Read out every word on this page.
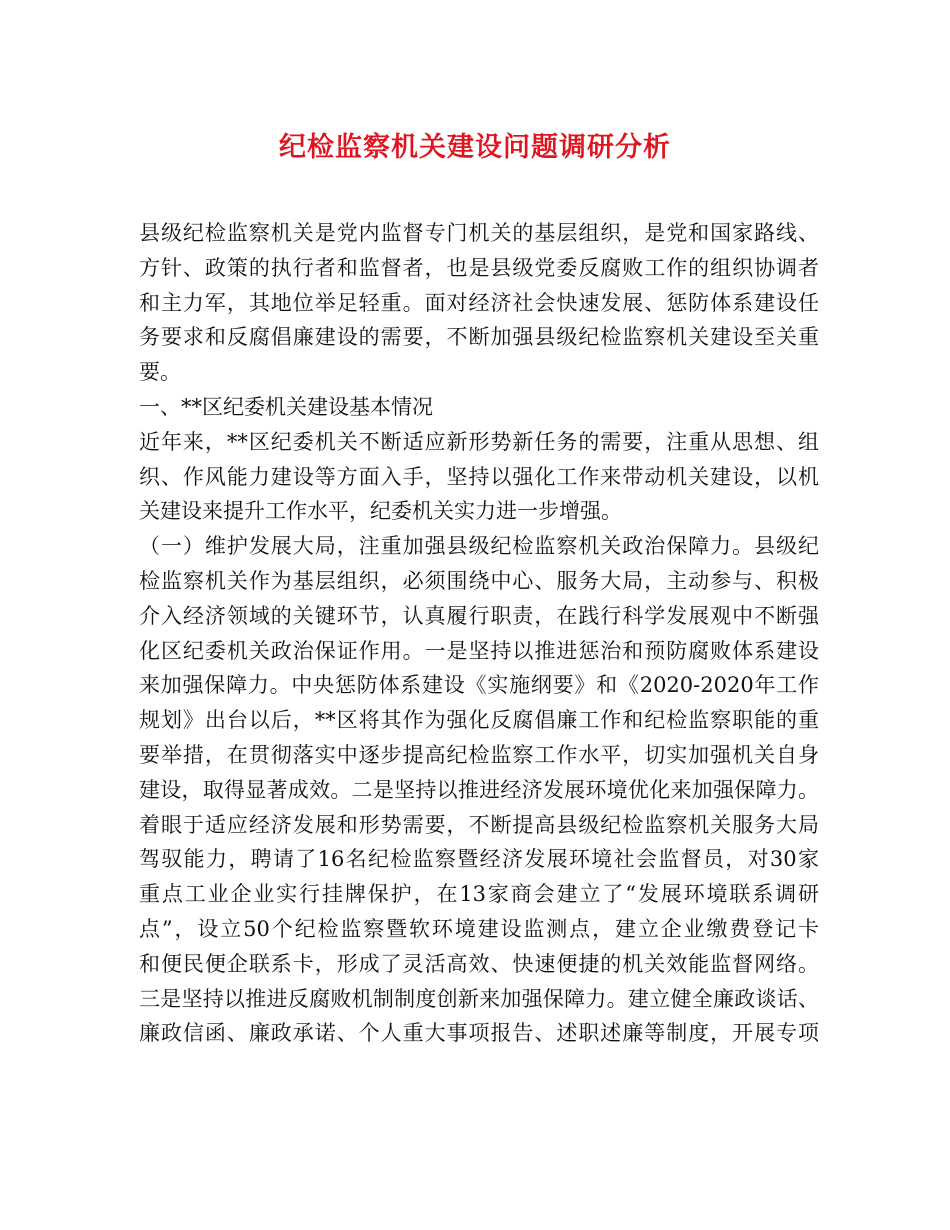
纪检监察机关建设问题调研分析
县级纪检监察机关是党内监督专门机关的基层组织，是党和国家路线、
方针、政策的执行者和监督者，也是县级党委反腐败工作的组织协调者
和主力军，其地位举足轻重。面对经济社会快速发展、惩防体系建设任
务要求和反腐倡廉建设的需要，不断加强县级纪检监察机关建设至关重
要。
一、**区纪委机关建设基本情况
近年来，**区纪委机关不断适应新形势新任务的需要，注重从思想、组
织、作风能力建设等方面入手，坚持以强化工作来带动机关建设，以机
关建设来提升工作水平，纪委机关实力进一步增强。
（一）维护发展大局，注重加强县级纪检监察机关政治保障力。县级纪
检监察机关作为基层组织，必须围绕中心、服务大局，主动参与、积极
介入经济领域的关键环节，认真履行职责，在践行科学发展观中不断强
化区纪委机关政治保证作用。一是坚持以推进惩治和预防腐败体系建设
来加强保障力。中央惩防体系建设《实施纲要》和《2020-2020年工作
规划》出台以后，**区将其作为强化反腐倡廉工作和纪检监察职能的重
要举措，在贯彻落实中逐步提高纪检监察工作水平，切实加强机关自身
建设，取得显著成效。二是坚持以推进经济发展环境优化来加强保障力。
着眼于适应经济发展和形势需要，不断提高县级纪检监察机关服务大局
驾驭能力，聘请了16名纪检监察暨经济发展环境社会监督员，对30家
重点工业企业实行挂牌保护，在13家商会建立了“发展环境联系调研
点”，设立50个纪检监察暨软环境建设监测点，建立企业缴费登记卡
和便民便企联系卡，形成了灵活高效、快速便捷的机关效能监督网络。
三是坚持以推进反腐败机制制度创新来加强保障力。建立健全廉政谈话、
廉政信函、廉政承诺、个人重大事项报告、述职述廉等制度，开展专项
